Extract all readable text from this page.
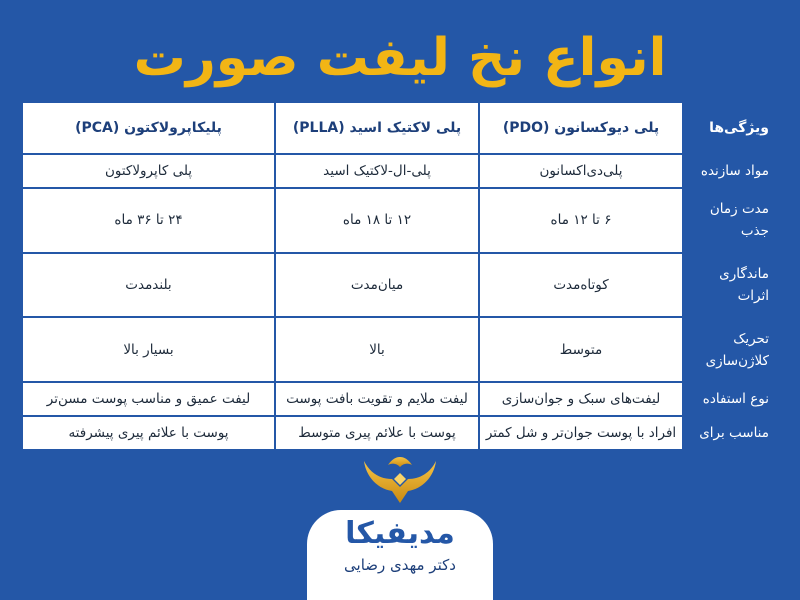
انواع نخ لیفت صورت
ویژگی‌ها	پلی دیوکسانون (PDO)	پلی لاکتیک اسید (PLLA)	پلیکاپرولاکتون (PCA)
مواد سازنده	پلی‌دی‌اکسانون	پلی-ال-لاکتیک اسید	پلی کاپرولاکتون
مدت زمان جذب	۶ تا ۱۲ ماه	۱۲ تا ۱۸ ماه	۲۴ تا ۳۶ ماه
ماندگاری اثرات	کوتاه‌مدت	میان‌مدت	بلندمدت
تحریک کلاژن‌سازی	متوسط	بالا	بسیار بالا
نوع استفاده	لیفت‌های سبک و جوان‌سازی	لیفت ملایم و تقویت بافت پوست	لیفت عمیق و مناسب پوست مسن‌تر
مناسب برای	افراد با پوست جوان‌تر و شل کمتر	پوست با علائم پیری متوسط	پوست با علائم پیری پیشرفته
مدیفیکا
دکتر مهدی رضایی
